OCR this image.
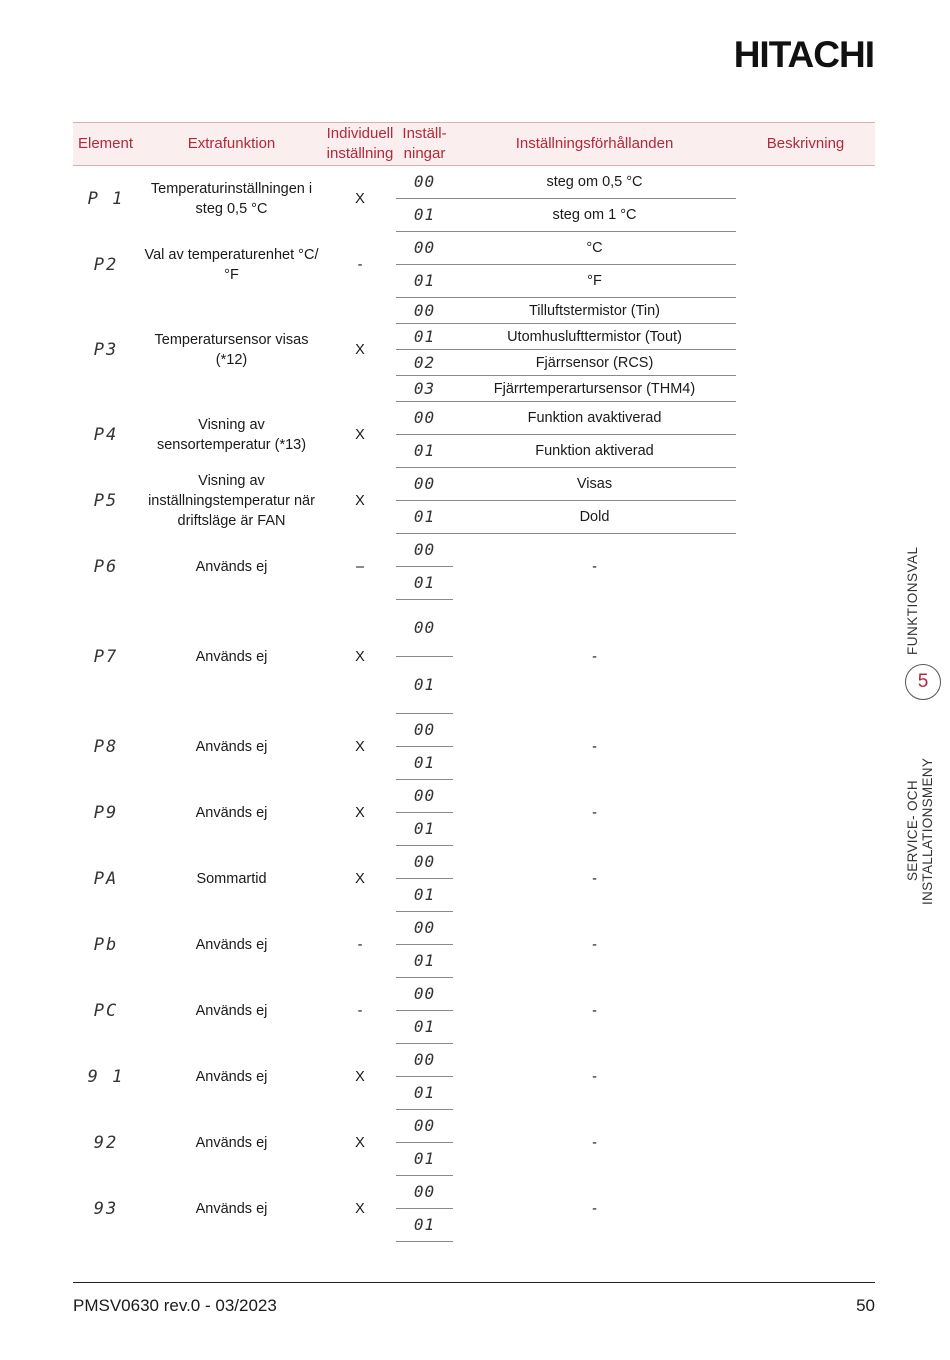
HITACHI
Element	Extrafunktion	Individuell inställning	Inställ-ningar	Inställningsförhållanden	Beskrivning
P 1	Temperaturinställningen i steg 0,5 °C	X	00	steg om 0,5 °C	
			01	steg om 1 °C	
P2	Val av temperaturenhet °C/°F	-	00	°C	
			01	°F	
P3	Temperatursensor visas (*12)	X	00	Tilluftstermistor (Tin)	
			01	Utomhuslufttermistor (Tout)	
			02	Fjärrsensor (RCS)	
			03	Fjärrtemperartursensor (THM4)	
P4	Visning av sensortemperatur (*13)	X	00	Funktion avaktiverad	
			01	Funktion aktiverad	
P5	Visning av inställningstemperatur när driftsläge är FAN	X	00	Visas	
			01	Dold	
P6	Används ej	–	00	-	
			01		
P7	Används ej	X	00	-	
			01		
P8	Används ej	X	00	-	
			01		
P9	Används ej	X	00	-	
			01		
PA	Sommartid	X	00	-	
			01		
Pb	Används ej	-	00	-	
			01		
PC	Används ej	-	00	-	
			01		
9 1	Används ej	X	00	-	
			01		
92	Används ej	X	00	-	
			01		
93	Används ej	X	00	-	
			01		
FUNKTIONSVAL
5
SERVICE- OCH INSTALLATIONSMENY
PMSV0630 rev.0 - 03/2023	50
